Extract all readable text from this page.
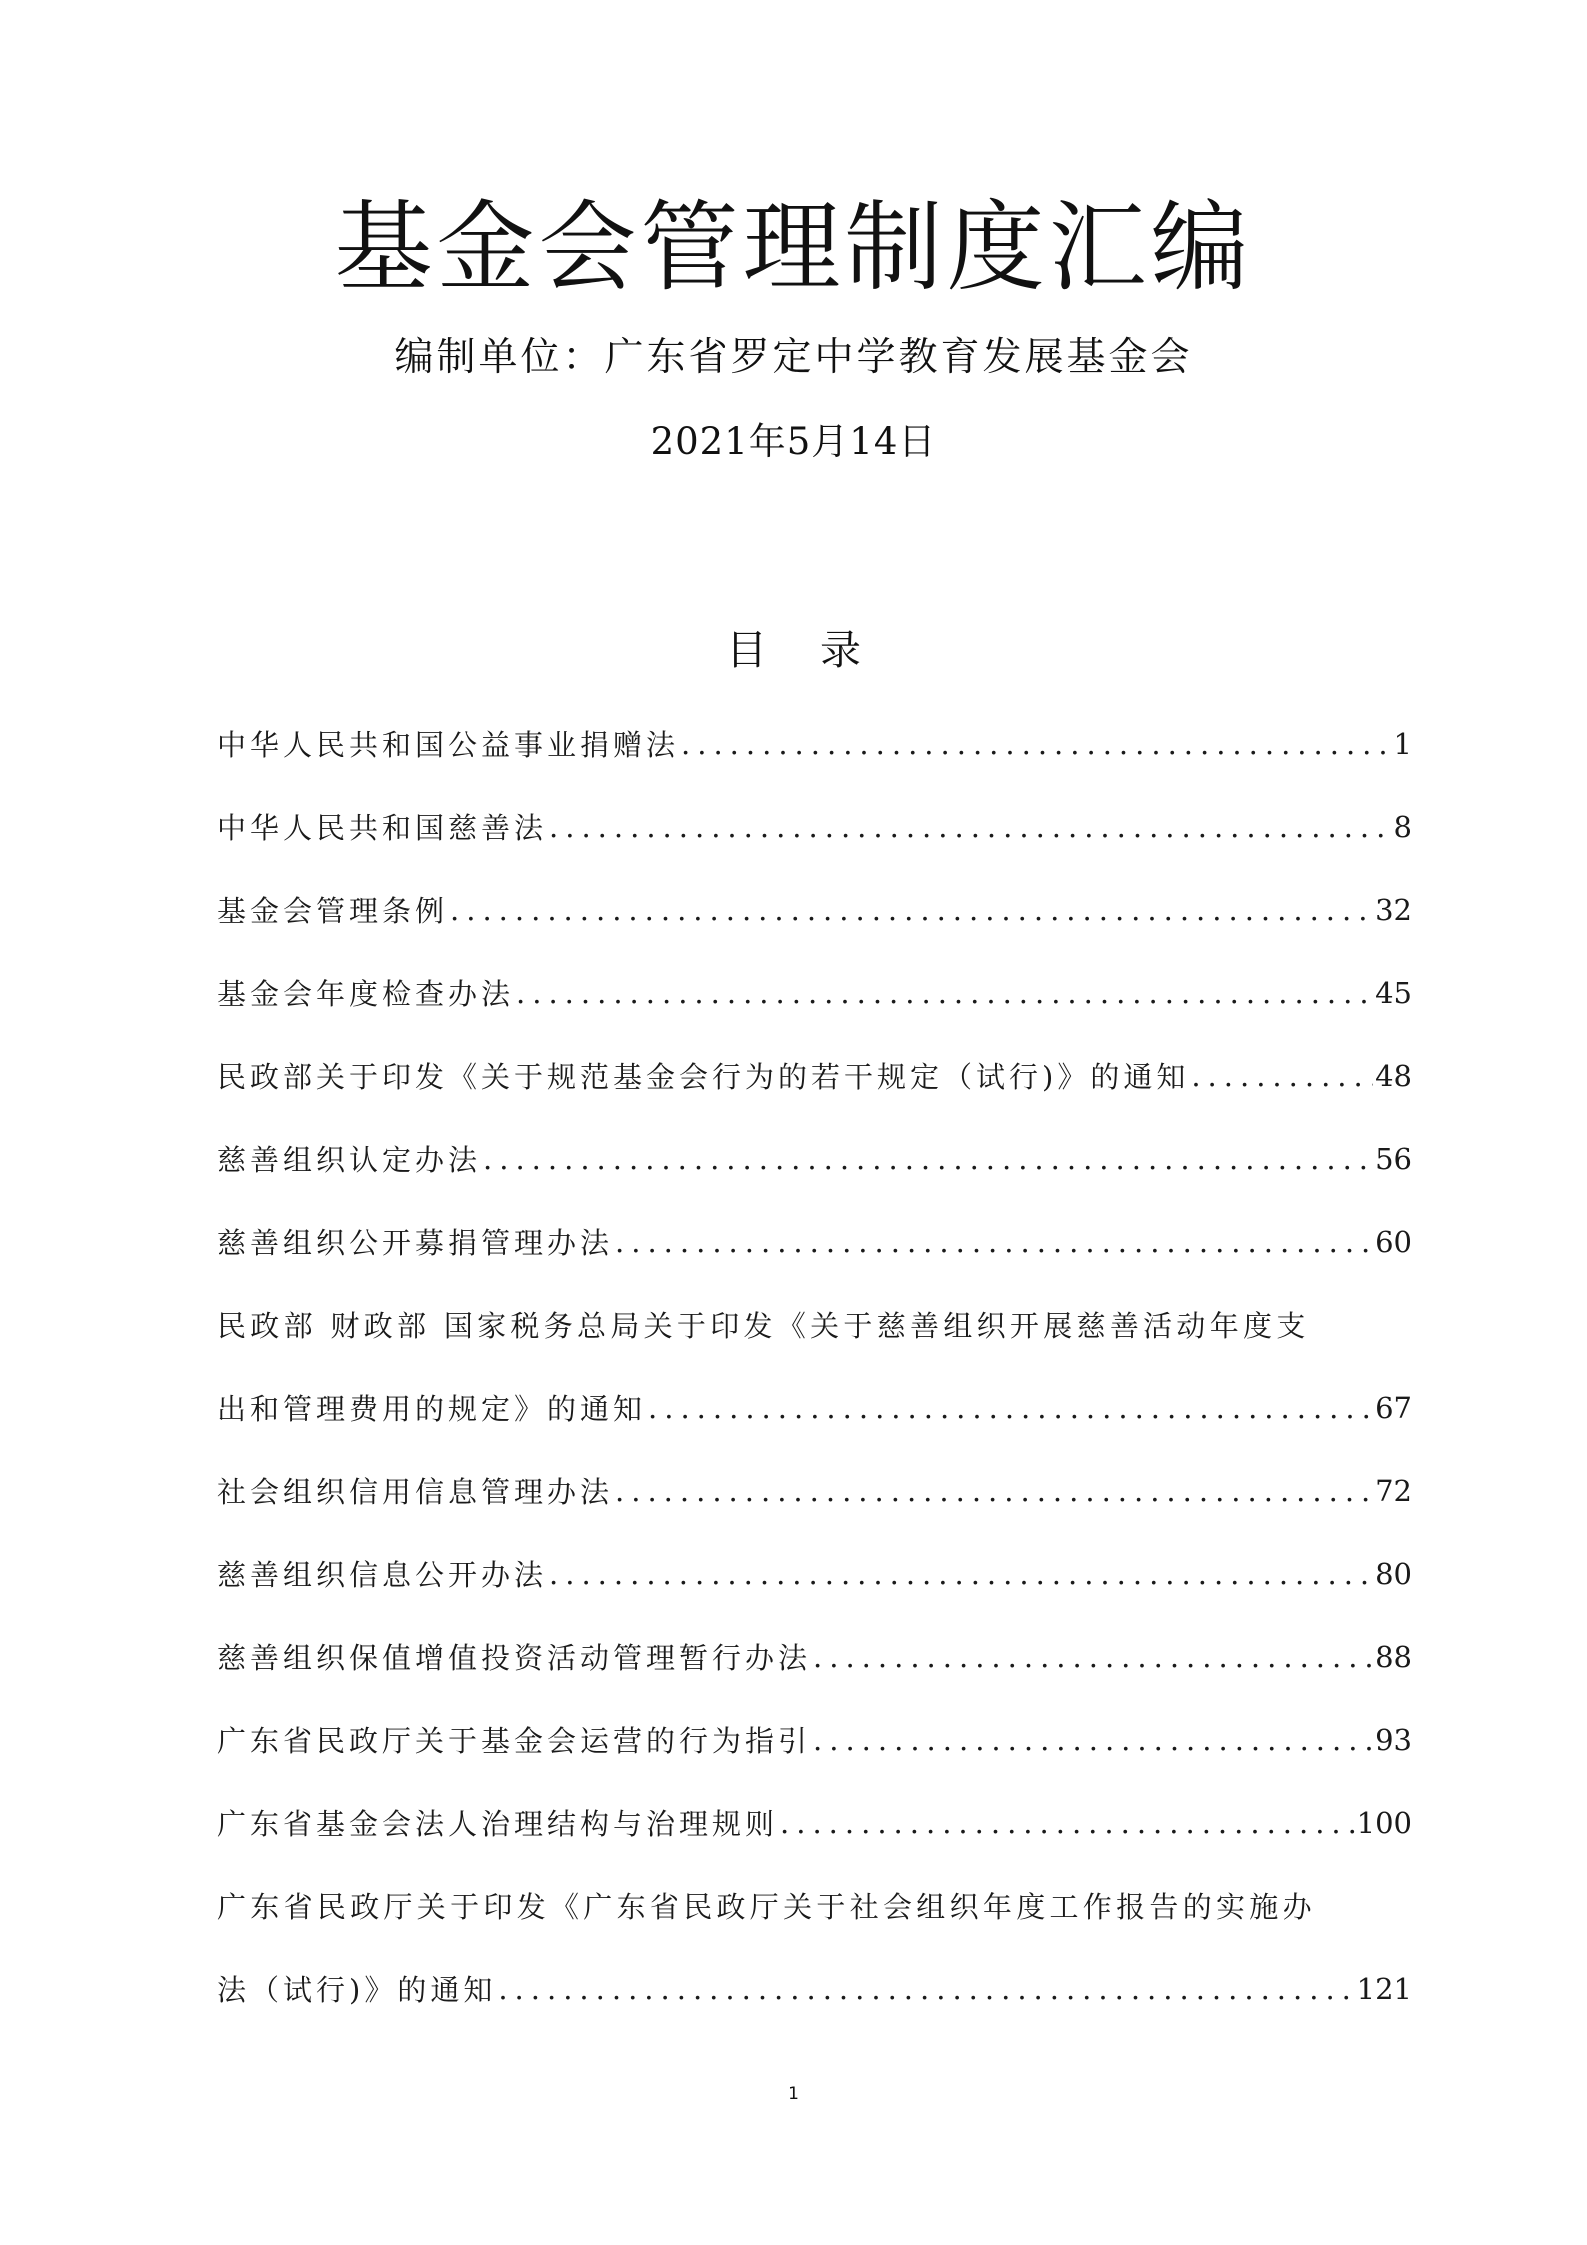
基金会管理制度汇编
编制单位：广东省罗定中学教育发展基金会
2021年5月14日
目 录
中华人民共和国公益事业捐赠法 .....	1
中华人民共和国慈善法 .....	8
基金会管理条例 .....	32
基金会年度检查办法 .....	45
民政部关于印发《关于规范基金会行为的若干规定（试行)》的通知 .....	48
慈善组织认定办法 .....	56
慈善组织公开募捐管理办法 .....	60
民政部 财政部 国家税务总局关于印发《关于慈善组织开展慈善活动年度支
出和管理费用的规定》的通知 .....	67
社会组织信用信息管理办法 .....	72
慈善组织信息公开办法 .....	80
慈善组织保值增值投资活动管理暂行办法 .....	88
广东省民政厅关于基金会运营的行为指引 .....	93
广东省基金会法人治理结构与治理规则 .....	100
广东省民政厅关于印发《广东省民政厅关于社会组织年度工作报告的实施办
法（试行)》的通知 .....	121
1
